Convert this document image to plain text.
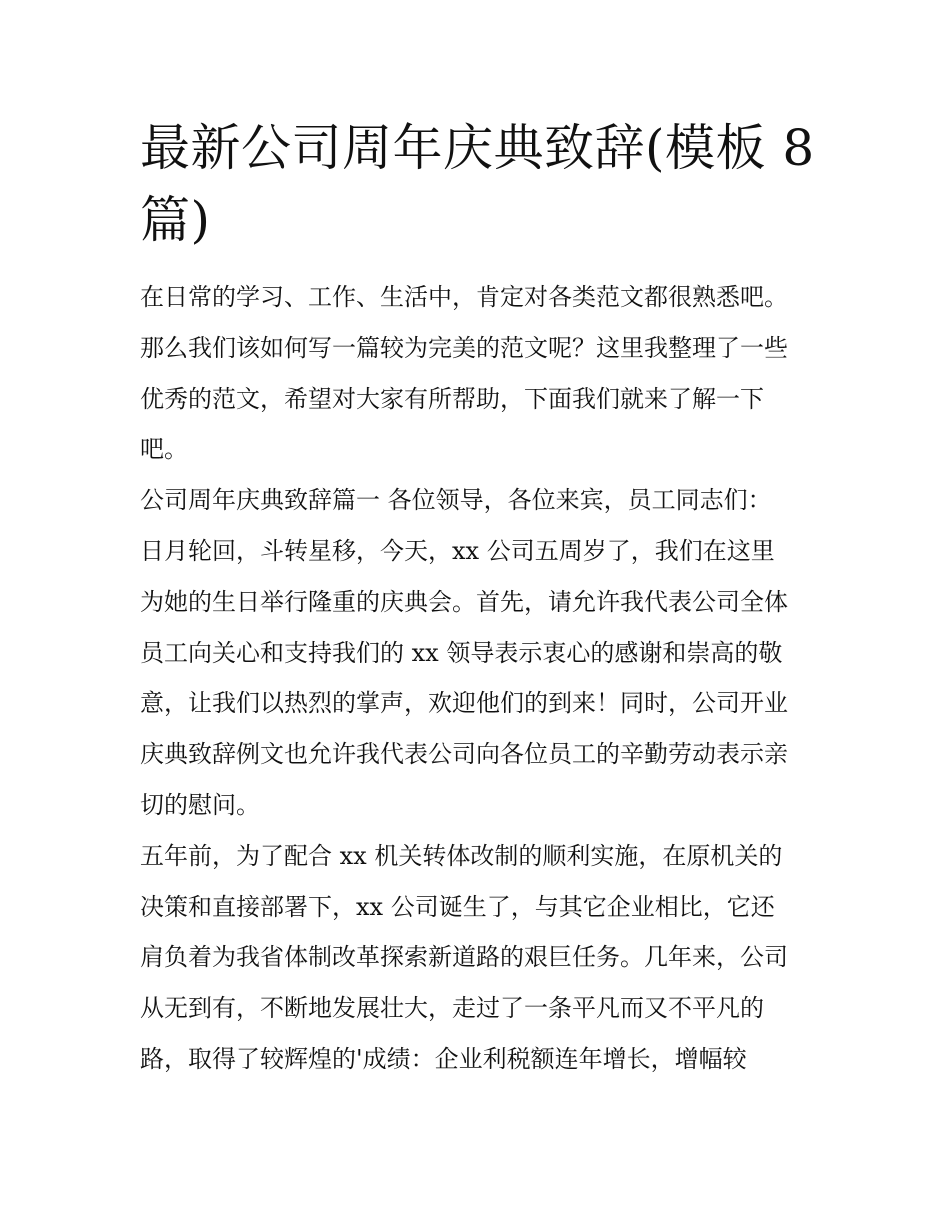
最新公司周年庆典致辞(模板 8
篇)
在日常的学习、工作、生活中，肯定对各类范文都很熟悉吧。
那么我们该如何写一篇较为完美的范文呢？这里我整理了一些
优秀的范文，希望对大家有所帮助，下面我们就来了解一下
吧。
公司周年庆典致辞篇一 各位领导，各位来宾，员工同志们：
日月轮回，斗转星移，今天，xx 公司五周岁了，我们在这里
为她的生日举行隆重的庆典会。首先，请允许我代表公司全体
员工向关心和支持我们的 xx 领导表示衷心的感谢和崇高的敬
意，让我们以热烈的掌声，欢迎他们的到来！同时，公司开业
庆典致辞例文也允许我代表公司向各位员工的辛勤劳动表示亲
切的慰问。
五年前，为了配合 xx 机关转体改制的顺利实施，在原机关的
决策和直接部署下，xx 公司诞生了，与其它企业相比，它还
肩负着为我省体制改革探索新道路的艰巨任务。几年来，公司
从无到有，不断地发展壮大，走过了一条平凡而又不平凡的
路，取得了较辉煌的'成绩：企业利税额连年增长，增幅较
